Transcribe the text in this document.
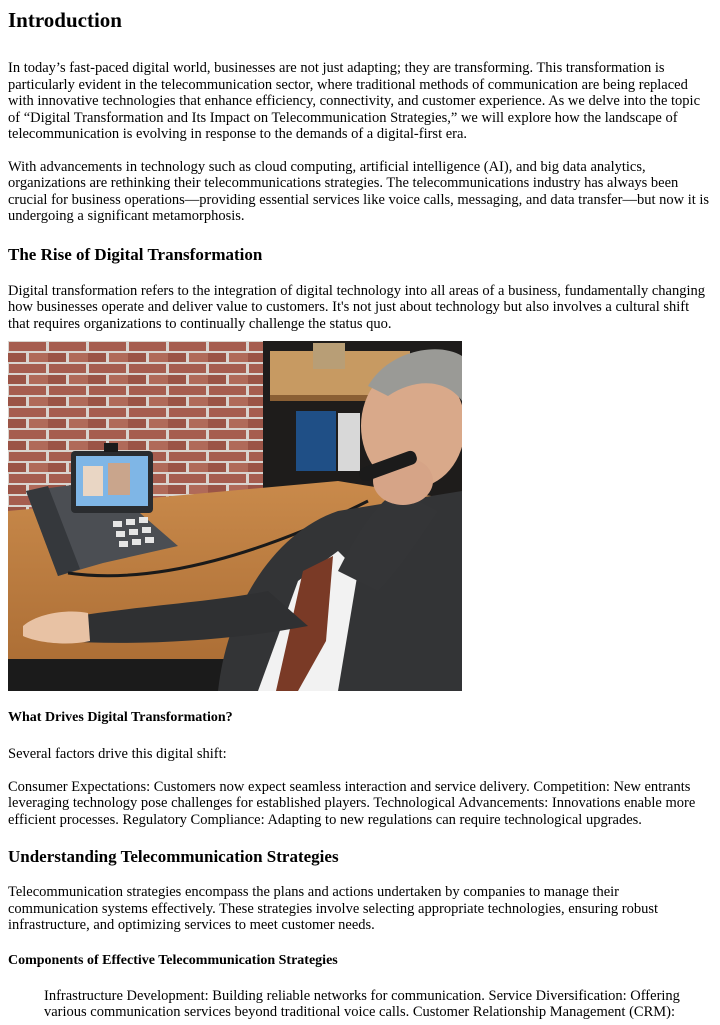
Introduction

In today’s fast-paced digital world, businesses are not just adapting; they are transforming. This transformation is particularly evident in the telecommunication sector, where traditional methods of communication are being replaced with innovative technologies that enhance efficiency, connectivity, and customer experience. As we delve into the topic of “Digital Transformation and Its Impact on Telecommunication Strategies,” we will explore how the landscape of telecommunication is evolving in response to the demands of a digital-first era.

With advancements in technology such as cloud computing, artificial intelligence (AI), and big data analytics, organizations are rethinking their telecommunications strategies. The telecommunications industry has always been crucial for business operations—providing essential services like voice calls, messaging, and data transfer—but now it is undergoing a significant metamorphosis.

The Rise of Digital Transformation

Digital transformation refers to the integration of digital technology into all areas of a business, fundamentally changing how businesses operate and deliver value to customers. It's not just about technology but also involves a cultural shift that requires organizations to continually challenge the status quo.

What Drives Digital Transformation?

Several factors drive this digital shift:

Consumer Expectations: Customers now expect seamless interaction and service delivery. Competition: New entrants leveraging technology pose challenges for established players. Technological Advancements: Innovations enable more efficient processes. Regulatory Compliance: Adapting to new regulations can require technological upgrades.

Understanding Telecommunication Strategies

Telecommunication strategies encompass the plans and actions undertaken by companies to manage their communication systems effectively. These strategies involve selecting appropriate technologies, ensuring robust infrastructure, and optimizing services to meet customer needs.

Components of Effective Telecommunication Strategies

Infrastructure Development: Building reliable networks for communication. Service Diversification: Offering various communication services beyond traditional voice calls. Customer Relationship Management (CRM):
